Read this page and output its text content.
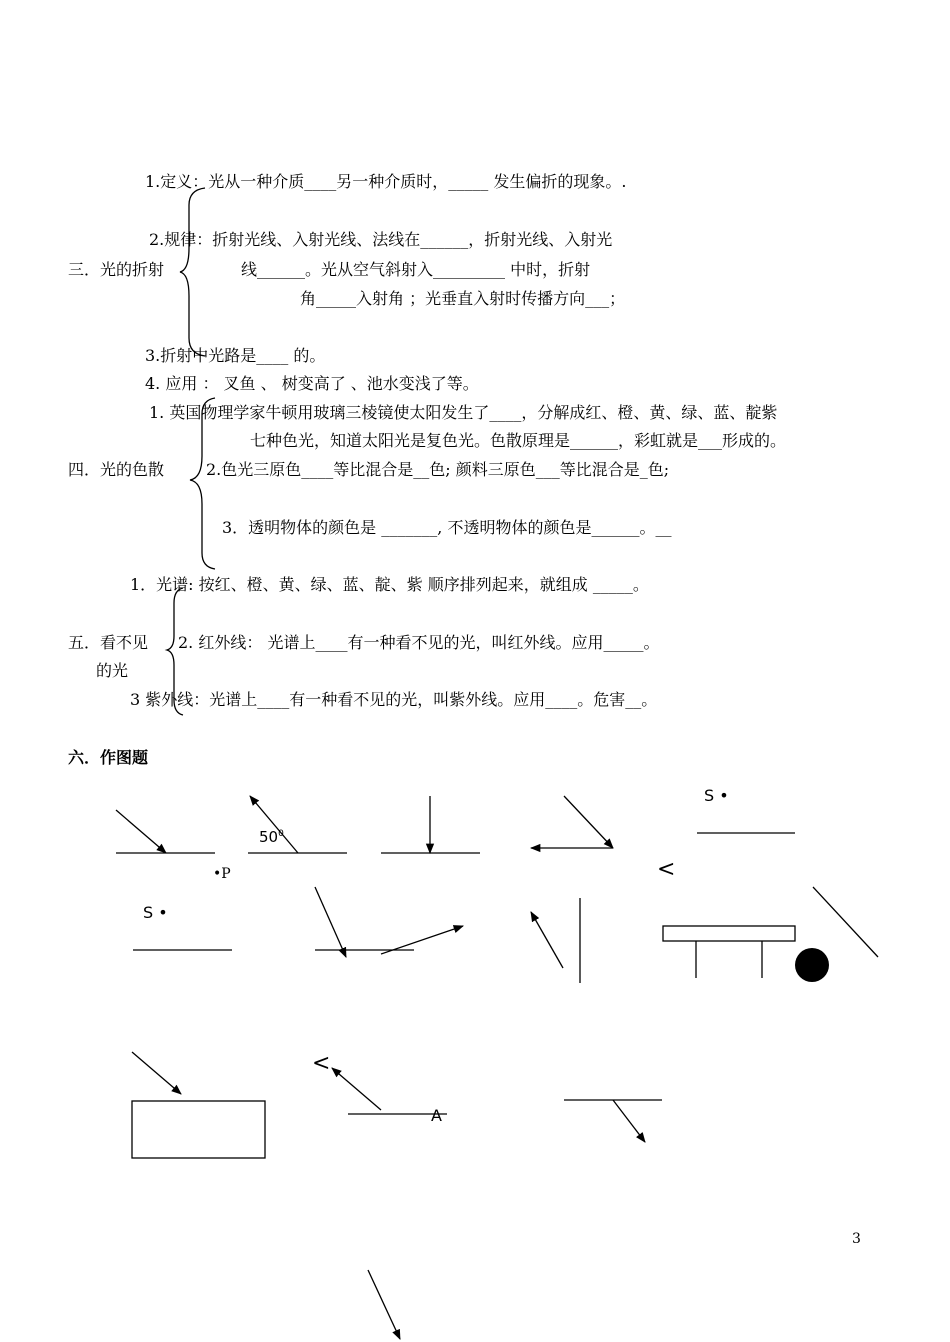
1.定义：光从一种介质____另一种介质时，_____ 发生偏折的现象。.
2.规律：折射光线、入射光线、法线在______，折射光线、入射光
三．光的折射	线______。光从空气斜射入_________ 中时，折射
角_____入射角 ；光垂直入射时传播方向___；
3.折射中光路是____ 的。
4. 应用 ： 叉鱼 、 树变高了 、池水变浅了等。
1. 英国物理学家牛顿用玻璃三棱镜使太阳发生了____，分解成红、橙、黄、绿、蓝、靛紫
七种色光，知道太阳光是复色光。色散原理是______，彩虹就是___形成的。
四．光的色散	2.色光三原色____等比混合是__色; 颜料三原色___等比混合是_色;
3．透明物体的颜色是 _______, 不透明物体的颜色是______。__
1．光谱: 按红、橙、黄、绿、蓝、靛、紫 顺序排列起来，就组成 _____。
五．看不见 2. 红外线： 光谱上____有一种看不见的光，叫红外线。应用_____。
的光
3 紫外线：光谱上____有一种看不见的光，叫紫外线。应用____。危害__。
六．作图题
$50^0$
S •
S •
•P
A
<
<
3
